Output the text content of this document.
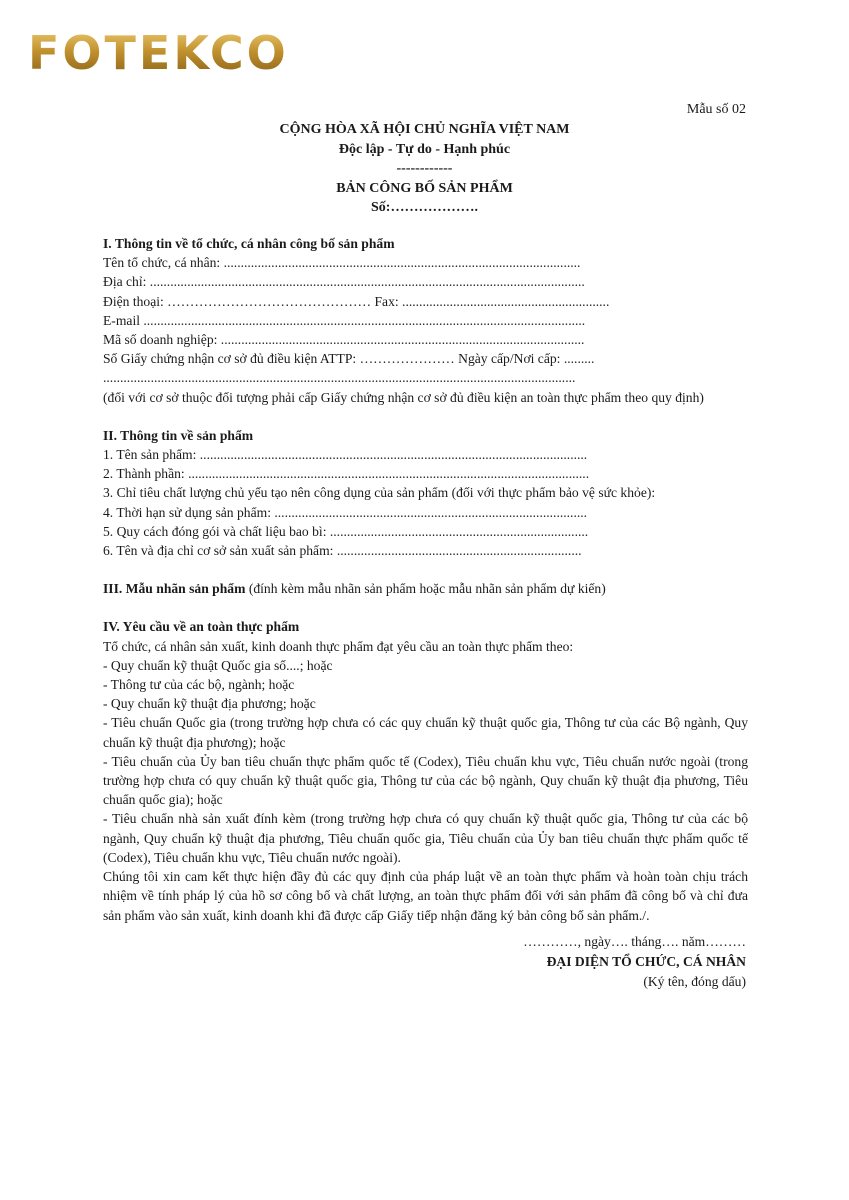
FOTEKCO
Mẫu số 02
CỘNG HÒA XÃ HỘI CHỦ NGHĨA VIỆT NAM
Độc lập - Tự do - Hạnh phúc
------------
BẢN CÔNG BỐ SẢN PHẨM
Số:……………….

I. Thông tin về tổ chức, cá nhân công bố sản phẩm

Tên tổ chức, cá nhân: .........................................................................................................

Địa chỉ: ................................................................................................................................

Điện thoại: ……………………………………… Fax: .............................................................

E-mail ..................................................................................................................................

Mã số doanh nghiệp: ...........................................................................................................

Số Giấy chứng nhận cơ sở đủ điều kiện ATTP: ………………… Ngày cấp/Nơi cấp: .........

...........................................................................................................................................

(đối với cơ sở thuộc đối tượng phải cấp Giấy chứng nhận cơ sở đủ điều kiện an toàn thực phẩm theo quy định)

II. Thông tin về sản phẩm

1. Tên sản phẩm: ..................................................................................................................

2. Thành phần: ......................................................................................................................

3. Chỉ tiêu chất lượng chủ yếu tạo nên công dụng của sản phẩm (đối với thực phẩm bảo vệ sức khỏe):

4. Thời hạn sử dụng sản phẩm: ............................................................................................

5. Quy cách đóng gói và chất liệu bao bì: ............................................................................

6. Tên và địa chỉ cơ sở sản xuất sản phẩm: ........................................................................

III. Mẫu nhãn sản phẩm (đính kèm mẫu nhãn sản phẩm hoặc mẫu nhãn sản phẩm dự kiến)

IV. Yêu cầu về an toàn thực phẩm

Tổ chức, cá nhân sản xuất, kinh doanh thực phẩm đạt yêu cầu an toàn thực phẩm theo:

- Quy chuẩn kỹ thuật Quốc gia số....; hoặc

- Thông tư của các bộ, ngành; hoặc

- Quy chuẩn kỹ thuật địa phương; hoặc

- Tiêu chuẩn Quốc gia (trong trường hợp chưa có các quy chuẩn kỹ thuật quốc gia, Thông tư của các Bộ ngành, Quy chuẩn kỹ thuật địa phương); hoặc

- Tiêu chuẩn của Ủy ban tiêu chuẩn thực phẩm quốc tế (Codex), Tiêu chuẩn khu vực, Tiêu chuẩn nước ngoài (trong trường hợp chưa có quy chuẩn kỹ thuật quốc gia, Thông tư của các bộ ngành, Quy chuẩn kỹ thuật địa phương, Tiêu chuẩn quốc gia); hoặc

- Tiêu chuẩn nhà sản xuất đính kèm (trong trường hợp chưa có quy chuẩn kỹ thuật quốc gia, Thông tư của các bộ ngành, Quy chuẩn kỹ thuật địa phương, Tiêu chuẩn quốc gia, Tiêu chuẩn của Ủy ban tiêu chuẩn thực phẩm quốc tế (Codex), Tiêu chuẩn khu vực, Tiêu chuẩn nước ngoài).

Chúng tôi xin cam kết thực hiện đầy đủ các quy định của pháp luật về an toàn thực phẩm và hoàn toàn chịu trách nhiệm về tính pháp lý của hồ sơ công bố và chất lượng, an toàn thực phẩm đối với sản phẩm đã công bố và chỉ đưa sản phẩm vào sản xuất, kinh doanh khi đã được cấp Giấy tiếp nhận đăng ký bản công bố sản phẩm./.

…………, ngày…. tháng…. năm………
ĐẠI DIỆN TỔ CHỨC, CÁ NHÂN
(Ký tên, đóng dấu)
